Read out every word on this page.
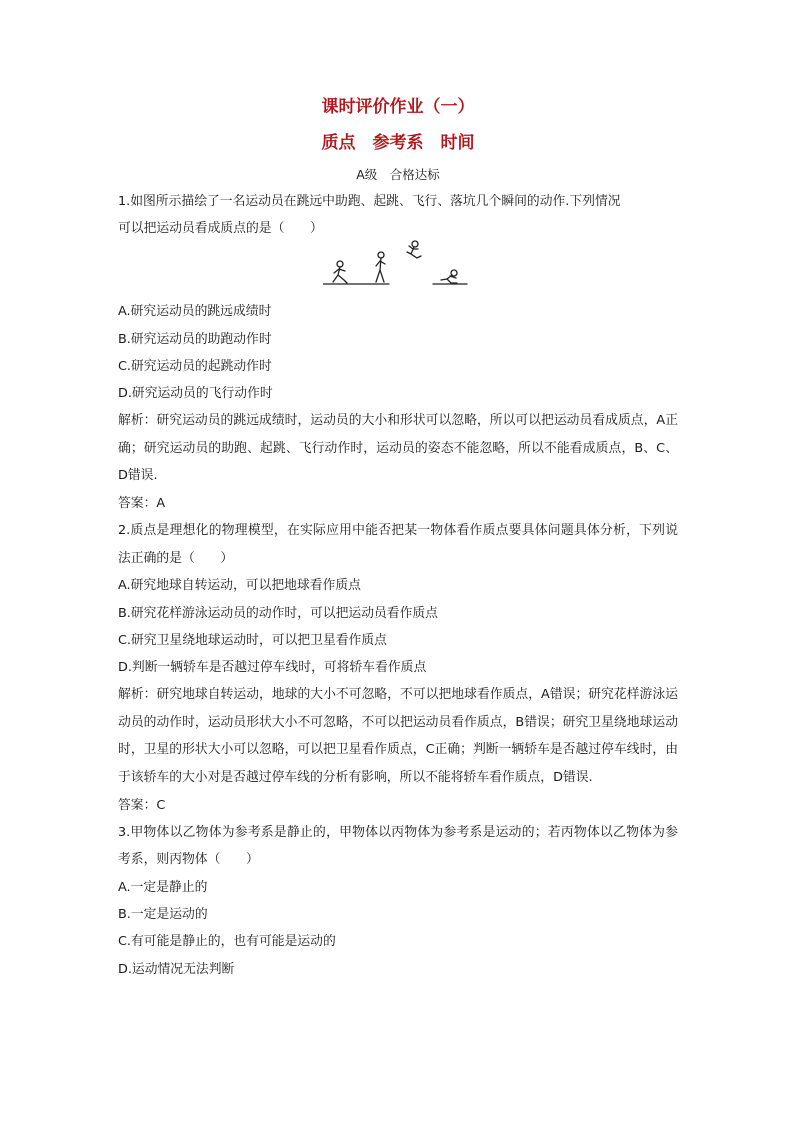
课时评价作业（一）
质点　参考系　时间
A级　合格达标

1.如图所示描绘了一名运动员在跳远中助跑、起跳、飞行、落坑几个瞬间的动作.下列情况

可以把运动员看成质点的是（　　）

A.研究运动员的跳远成绩时

B.研究运动员的助跑动作时

C.研究运动员的起跳动作时

D.研究运动员的飞行动作时

解析：研究运动员的跳远成绩时，运动员的大小和形状可以忽略，所以可以把运动员看成质点，A正确；研究运动员的助跑、起跳、飞行动作时，运动员的姿态不能忽略，所以不能看成质点，B、C、D错误.

答案：A

2.质点是理想化的物理模型，在实际应用中能否把某一物体看作质点要具体问题具体分析，下列说法正确的是（　　）

A.研究地球自转运动，可以把地球看作质点

B.研究花样游泳运动员的动作时，可以把运动员看作质点

C.研究卫星绕地球运动时，可以把卫星看作质点

D.判断一辆轿车是否越过停车线时，可将轿车看作质点

解析：研究地球自转运动，地球的大小不可忽略，不可以把地球看作质点，A错误；研究花样游泳运动员的动作时，运动员形状大小不可忽略，不可以把运动员看作质点，B错误；研究卫星绕地球运动时，卫星的形状大小可以忽略，可以把卫星看作质点，C正确；判断一辆轿车是否越过停车线时，由于该轿车的大小对是否越过停车线的分析有影响，所以不能将轿车看作质点，D错误.

答案：C

3.甲物体以乙物体为参考系是静止的，甲物体以丙物体为参考系是运动的；若丙物体以乙物体为参考系，则丙物体（　　）

A.一定是静止的

B.一定是运动的

C.有可能是静止的，也有可能是运动的

D.运动情况无法判断
